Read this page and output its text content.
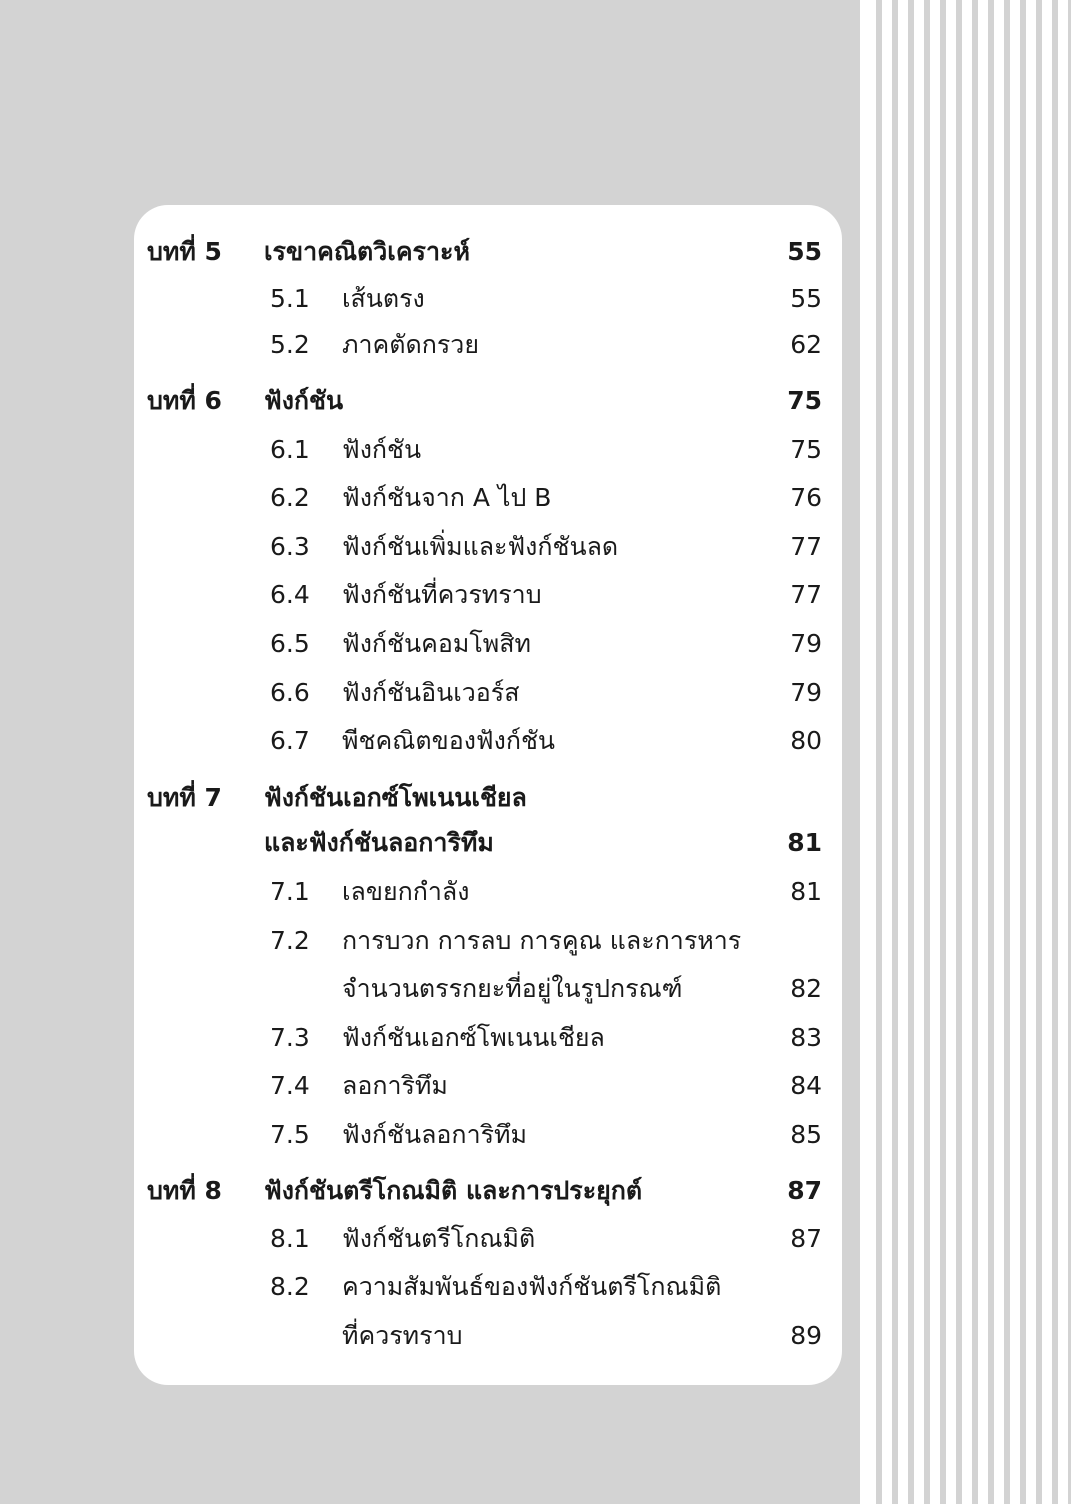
บทที่ 5 เรขาคณิตวิเคราะห์	55
5.1 เส้นตรง	55
5.2 ภาคตัดกรวย	62
บทที่ 6 ฟังก์ชัน	75
6.1 ฟังก์ชัน	75
6.2 ฟังก์ชันจาก A ไป B	76
6.3 ฟังก์ชันเพิ่มและฟังก์ชันลด	77
6.4 ฟังก์ชันที่ควรทราบ	77
6.5 ฟังก์ชันคอมโพสิท	79
6.6 ฟังก์ชันอินเวอร์ส	79
6.7 พีชคณิตของฟังก์ชัน	80
บทที่ 7 ฟังก์ชันเอกซ์โพเนนเชียล
และฟังก์ชันลอการิทึม	81
7.1 เลขยกกำลัง	81
7.2 การบวก การลบ การคูณ และการหาร
จำนวนตรรกยะที่อยู่ในรูปกรณฑ์	82
7.3 ฟังก์ชันเอกซ์โพเนนเชียล	83
7.4 ลอการิทึม	84
7.5 ฟังก์ชันลอการิทึม	85
บทที่ 8 ฟังก์ชันตรีโกณมิติ และการประยุกต์	87
8.1 ฟังก์ชันตรีโกณมิติ	87
8.2 ความสัมพันธ์ของฟังก์ชันตรีโกณมิติ
ที่ควรทราบ	89
